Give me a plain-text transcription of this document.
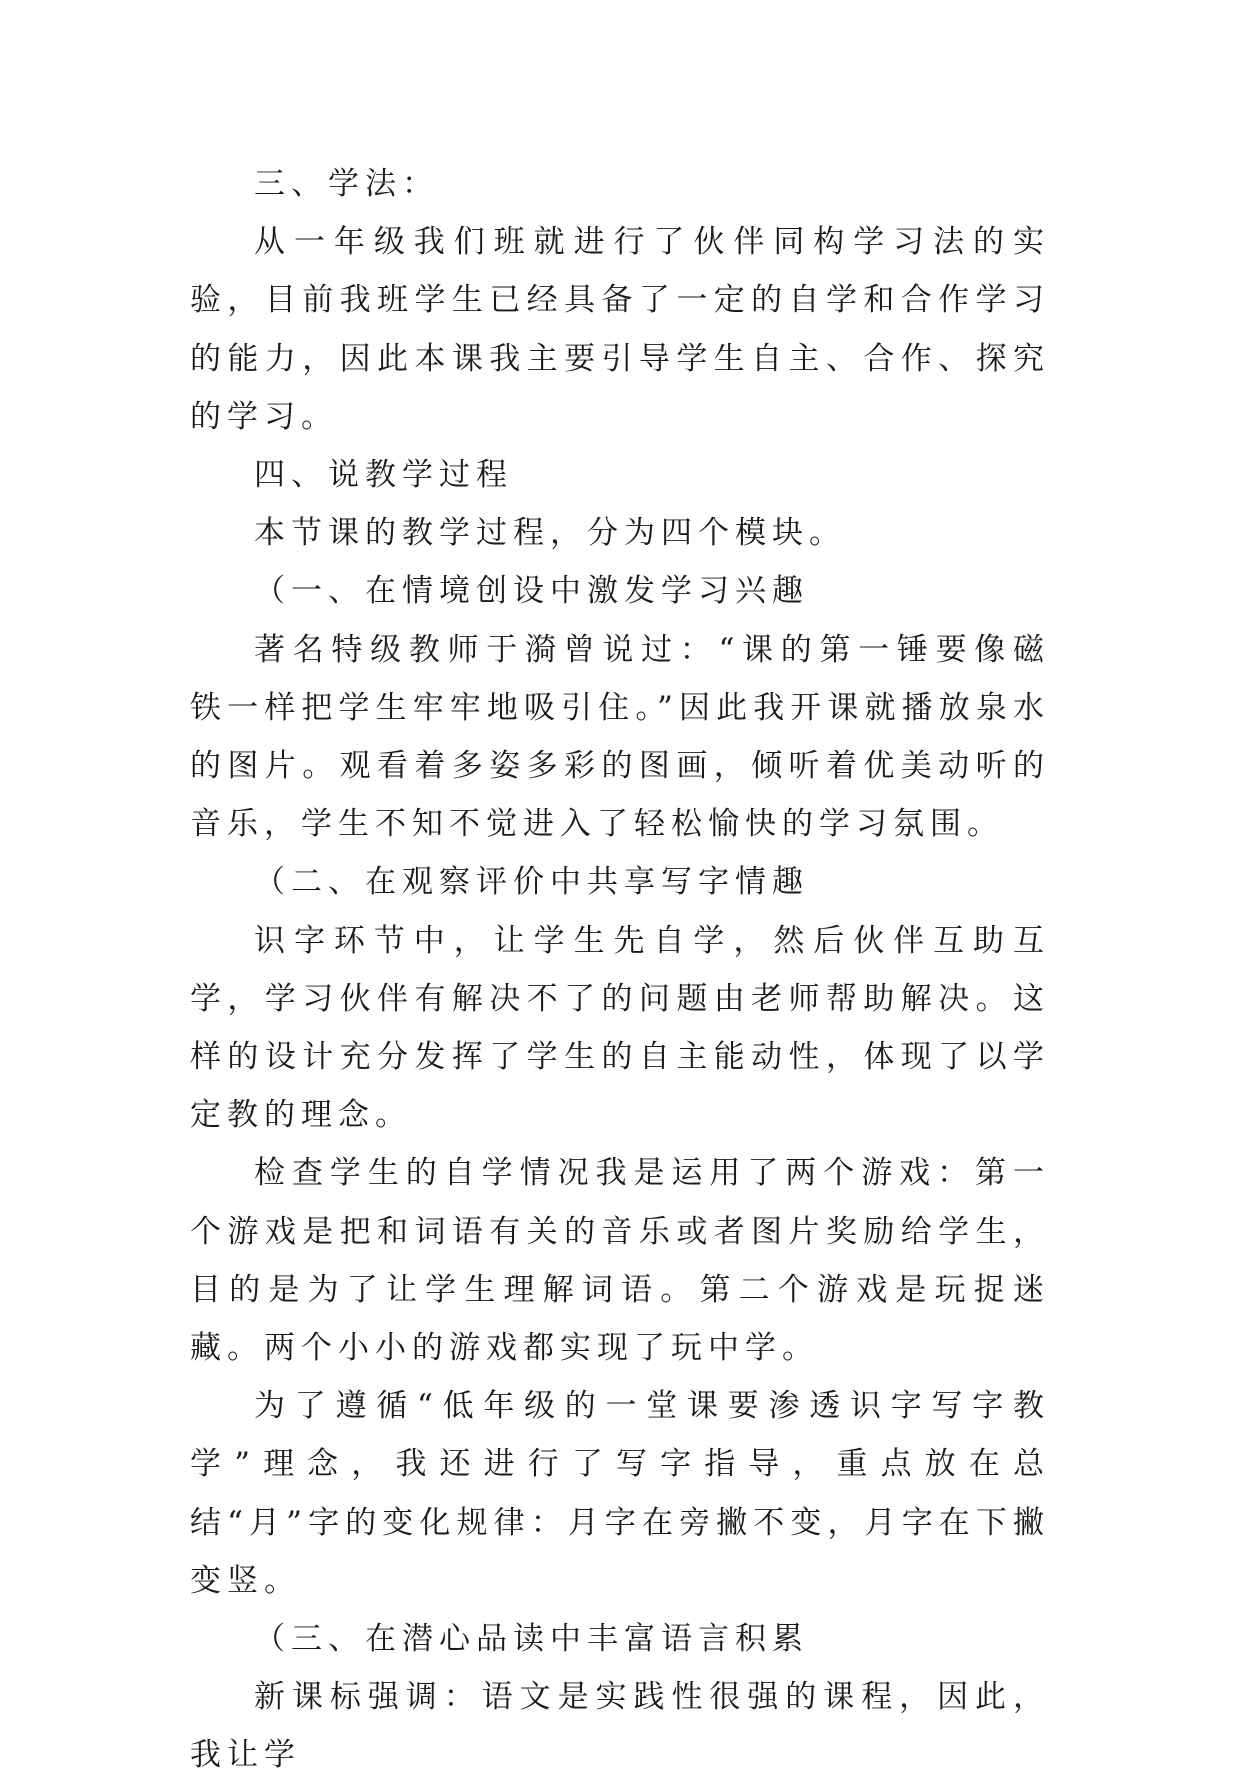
三、学法：

从一年级我们班就进行了伙伴同构学习法的实验，目前我班学生已经具备了一定的自学和合作学习的能力，因此本课我主要引导学生自主、合作、探究的学习。

四、说教学过程

本节课的教学过程，分为四个模块。

（一、在情境创设中激发学习兴趣

著名特级教师于漪曾说过：“课的第一锤要像磁铁一样把学生牢牢地吸引住。”因此我开课就播放泉水的图片。观看着多姿多彩的图画，倾听着优美动听的音乐，学生不知不觉进入了轻松愉快的学习氛围。

（二、在观察评价中共享写字情趣

识字环节中，让学生先自学，然后伙伴互助互学，学习伙伴有解决不了的问题由老师帮助解决。这样的设计充分发挥了学生的自主能动性，体现了以学定教的理念。

检查学生的自学情况我是运用了两个游戏：第一个游戏是把和词语有关的音乐或者图片奖励给学生，目的是为了让学生理解词语。第二个游戏是玩捉迷藏。两个小小的游戏都实现了玩中学。

为了遵循“低年级的一堂课要渗透识字写字教学”理念，我还进行了写字指导，重点放在总结“月”字的变化规律：月字在旁撇不变，月字在下撇变竖。

（三、在潜心品读中丰富语言积累

新课标强调：语文是实践性很强的课程，因此，我让学
